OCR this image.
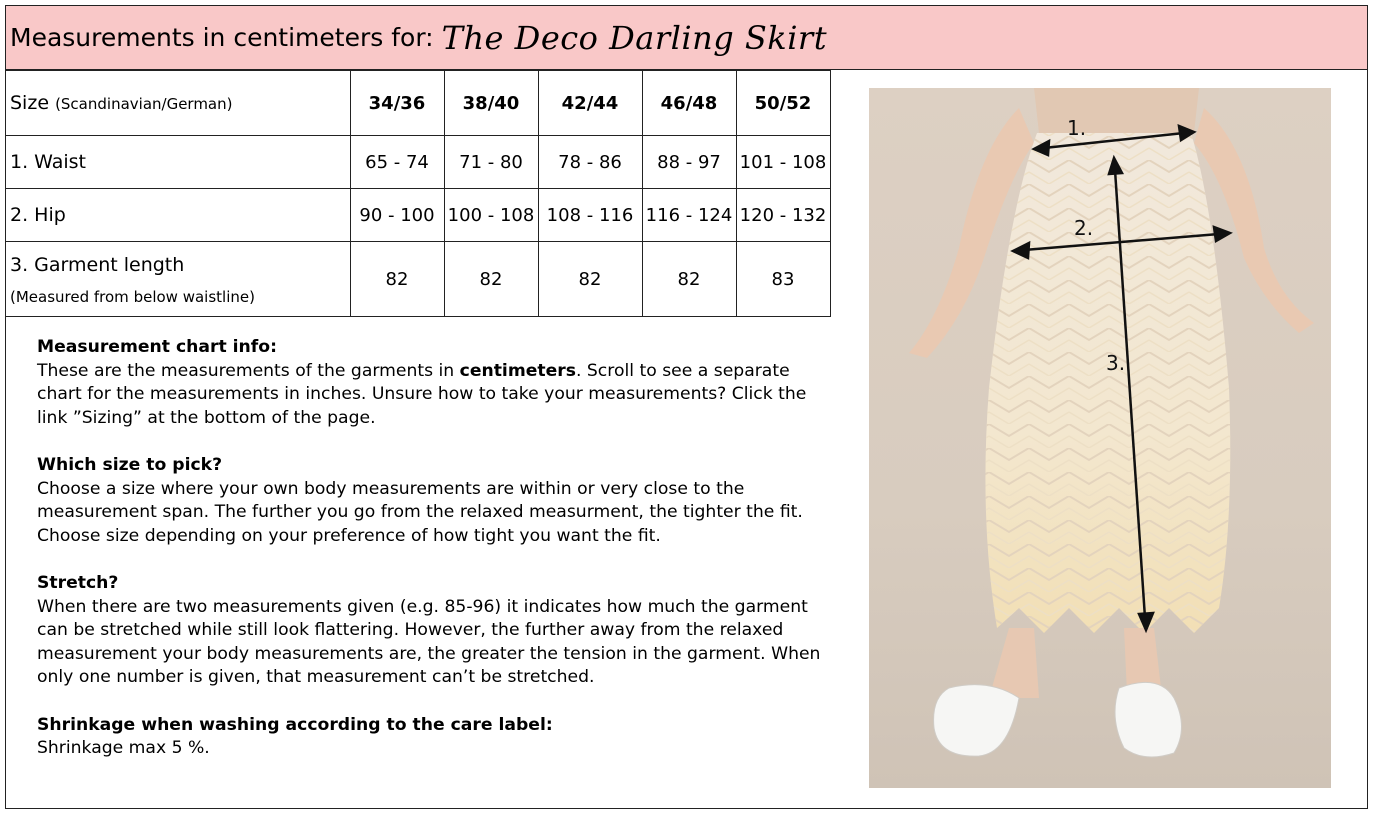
Measurements in centimeters for: The Deco Darling Skirt
Size (Scandinavian/German)	34/36	38/40	42/44	46/48	50/52
1. Waist	65 - 74	71 - 80	78 - 86	88 - 97	101 - 108
2. Hip	90 - 100	100 - 108	108 - 116	116 - 124	120 - 132

3. Garment length
(Measured from below waistline)	82	82	82	82	83
Measurement chart info:
These are the measurements of the garments in centimeters. Scroll to see a separate chart for the measurements in inches. Unsure how to take your measurements? Click the link ”Sizing” at the bottom of the page.
Which size to pick?
Choose a size where your own body measurements are within or very close to the measurement span. The further you go from the relaxed measurment, the tighter the fit. Choose size depending on your preference of how tight you want the fit.
Stretch?
When there are two measurements given (e.g. 85-96) it indicates how much the garment can be stretched while still look flattering. However, the further away from the relaxed measurement your body measurements are, the greater the tension in the garment. When only one number is given, that measurement can’t be stretched.
Shrinkage when washing according to the care label:
Shrinkage max 5 %.
1.
2.
3.
